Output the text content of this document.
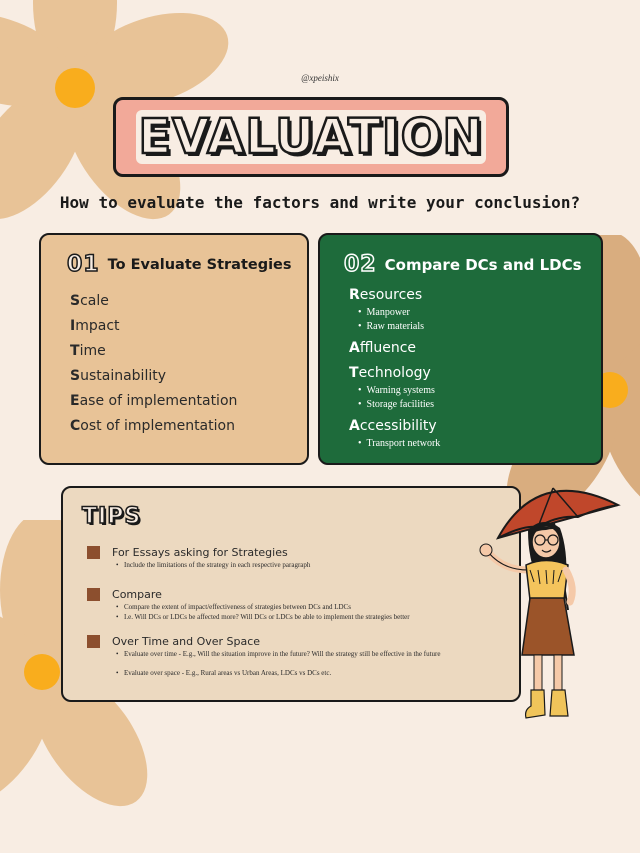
@xpeishix
EVALUATION
How to evaluate the factors and write your conclusion?
01 To Evaluate Strategies
Scale
Impact
Time
Sustainability
Ease of implementation
Cost of implementation
02 Compare DCs and LDCs
Resources
• Manpower
• Raw materials
Affluence
Technology
• Warning systems
• Storage facilities
Accessibility
• Transport network
TIPS
For Essays asking for Strategies
• Include the limitations of the strategy in each respective paragraph
Compare
• Compare the extent of impact/effectiveness of strategies between DCs and LDCs
• I.e. Will DCs or LDCs be affected more? Will DCs or LDCs be able to implement the strategies better
Over Time and Over Space
• Evaluate over time - E.g., Will the situation improve in the future? Will the strategy still be effective in the future
• Evaluate over space - E.g., Rural areas vs Urban Areas, LDCs vs DCs etc.
